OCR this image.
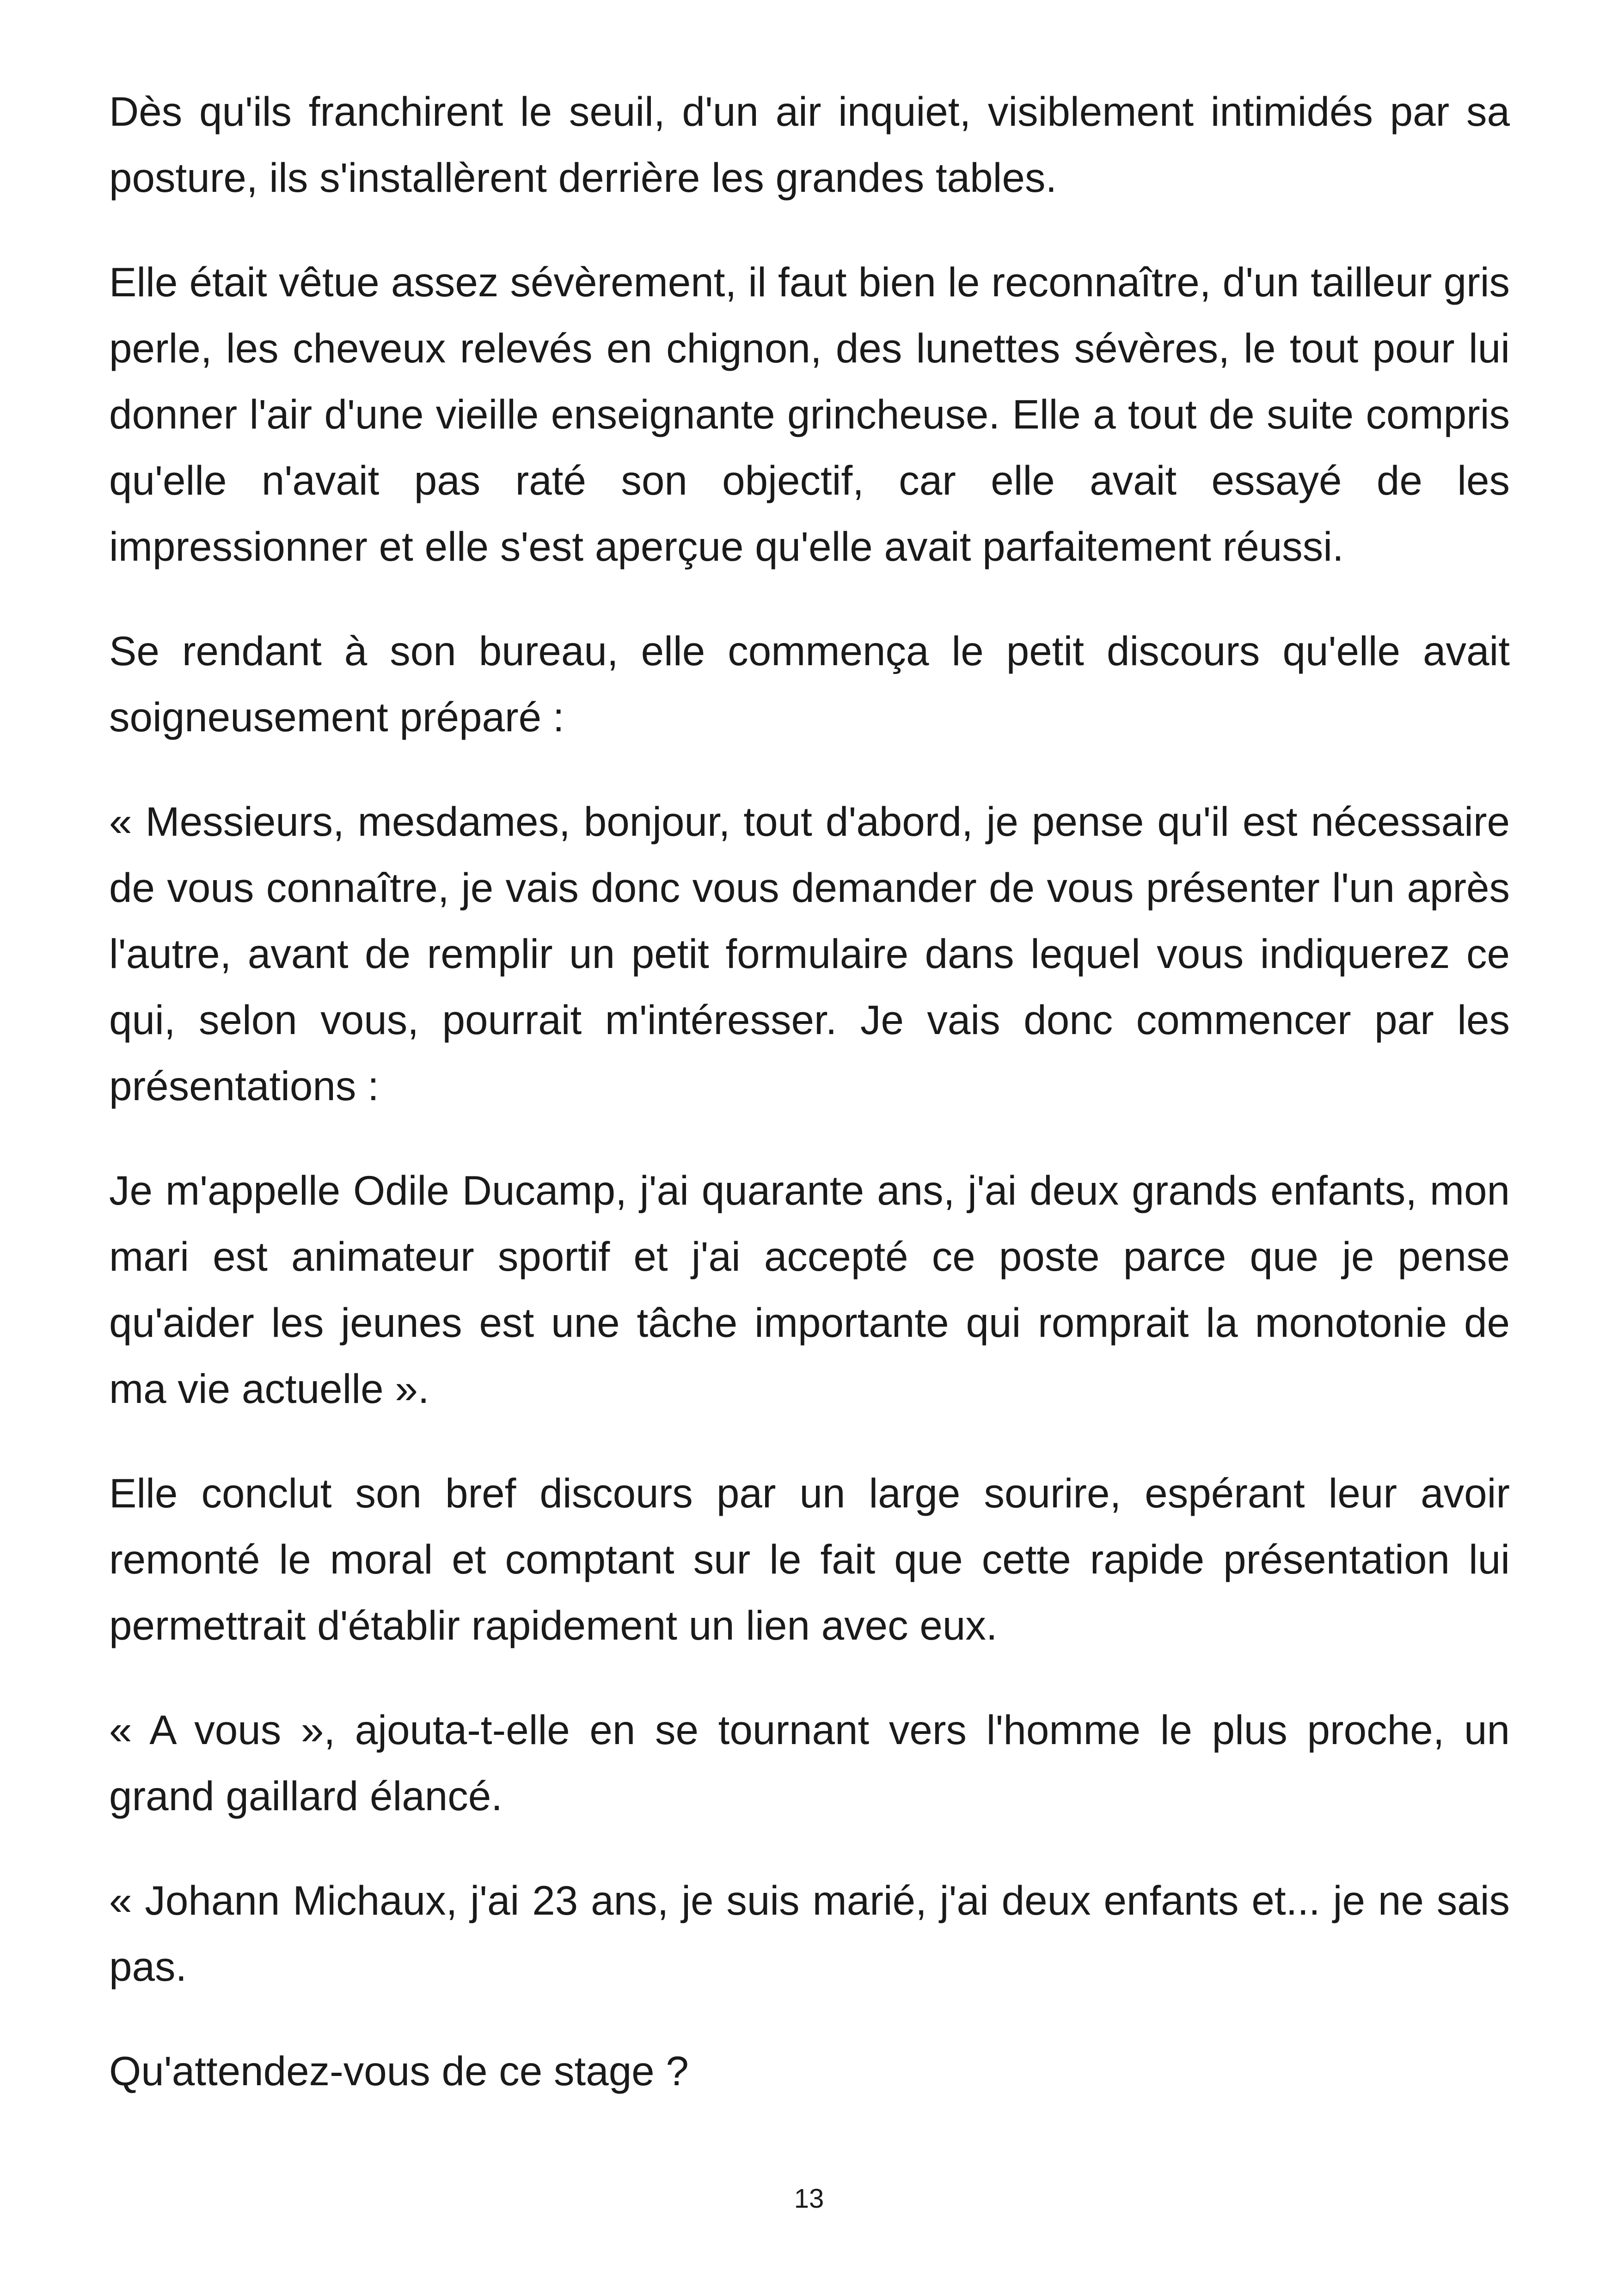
Dès qu'ils franchirent le seuil, d'un air inquiet, visiblement intimidés par sa posture, ils s'installèrent derrière les grandes tables.

Elle était vêtue assez sévèrement, il faut bien le reconnaître, d'un tailleur gris perle, les cheveux relevés en chignon, des lunettes sévères, le tout pour lui donner l'air d'une vieille enseignante grincheuse. Elle a tout de suite compris qu'elle n'avait pas raté son objectif, car elle avait essayé de les impressionner et elle s'est aperçue qu'elle avait parfaitement réussi.

Se rendant à son bureau, elle commença le petit discours qu'elle avait soigneusement préparé :

« Messieurs, mesdames, bonjour, tout d'abord, je pense qu'il est nécessaire de vous connaître, je vais donc vous demander de vous présenter l'un après l'autre, avant de remplir un petit formulaire dans lequel vous indiquerez ce qui, selon vous, pourrait m'intéresser. Je vais donc commencer par les présentations :

Je m'appelle Odile Ducamp, j'ai quarante ans, j'ai deux grands enfants, mon mari est animateur sportif et j'ai accepté ce poste parce que je pense qu'aider les jeunes est une tâche importante qui romprait la monotonie de ma vie actuelle ».

Elle conclut son bref discours par un large sourire, espérant leur avoir remonté le moral et comptant sur le fait que cette rapide présentation lui permettrait d'établir rapidement un lien avec eux.

« A vous », ajouta-t-elle en se tournant vers l'homme le plus proche, un grand gaillard élancé.

« Johann Michaux, j'ai 23 ans, je suis marié, j'ai deux enfants et... je ne sais pas.

Qu'attendez-vous de ce stage ?

13
